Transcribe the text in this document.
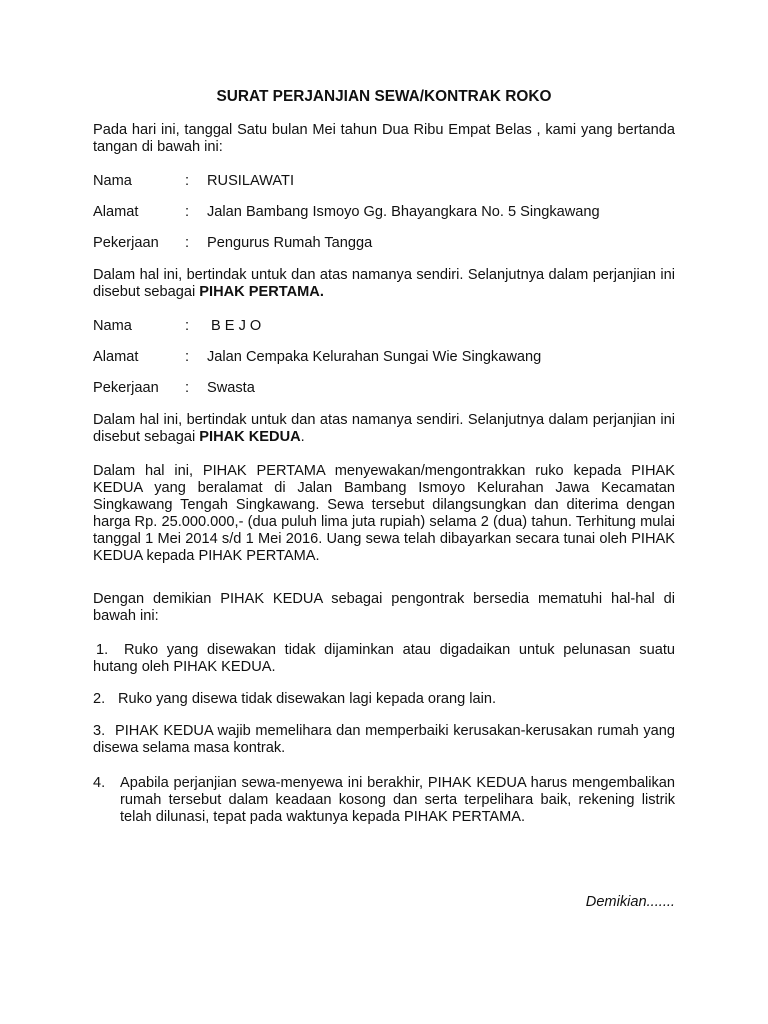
SURAT PERJANJIAN SEWA/KONTRAK ROKO

Pada hari ini, tanggal Satu bulan Mei tahun Dua Ribu Empat Belas , kami yang bertanda tangan di bawah ini:

Nama	: RUSILAWATI
Alamat	: Jalan Bambang Ismoyo Gg. Bhayangkara No. 5 Singkawang
Pekerjaan : Pengurus Rumah Tangga

Dalam hal ini, bertindak untuk dan atas namanya sendiri. Selanjutnya dalam perjanjian ini disebut sebagai PIHAK PERTAMA.

Nama	: B E J O
Alamat	: Jalan Cempaka Kelurahan Sungai Wie Singkawang
Pekerjaan : Swasta

Dalam hal ini, bertindak untuk dan atas namanya sendiri. Selanjutnya dalam perjanjian ini disebut sebagai PIHAK KEDUA.

Dalam hal ini, PIHAK PERTAMA menyewakan/mengontrakkan ruko kepada PIHAK KEDUA yang beralamat di Jalan Bambang Ismoyo Kelurahan Jawa Kecamatan Singkawang Tengah Singkawang. Sewa tersebut dilangsungkan dan diterima dengan harga Rp. 25.000.000,- (dua puluh lima juta rupiah) selama 2 (dua) tahun. Terhitung mulai tanggal 1 Mei 2014 s/d 1 Mei 2016. Uang sewa telah dibayarkan secara tunai oleh PIHAK KEDUA kepada PIHAK PERTAMA.

Dengan demikian PIHAK KEDUA sebagai pengontrak bersedia mematuhi hal-hal di bawah ini:

1.	Ruko yang disewakan tidak dijaminkan atau digadaikan untuk pelunasan suatu hutang oleh PIHAK KEDUA.
2. Ruko yang disewa tidak disewakan lagi kepada orang lain.
3. PIHAK KEDUA wajib memelihara dan memperbaiki kerusakan-kerusakan rumah yang disewa selama masa kontrak.
4.	Apabila perjanjian sewa-menyewa ini berakhir, PIHAK KEDUA harus mengembalikan rumah tersebut dalam keadaan kosong dan serta terpelihara baik, rekening listrik telah dilunasi, tepat pada waktunya kepada PIHAK PERTAMA.
Demikian.......
